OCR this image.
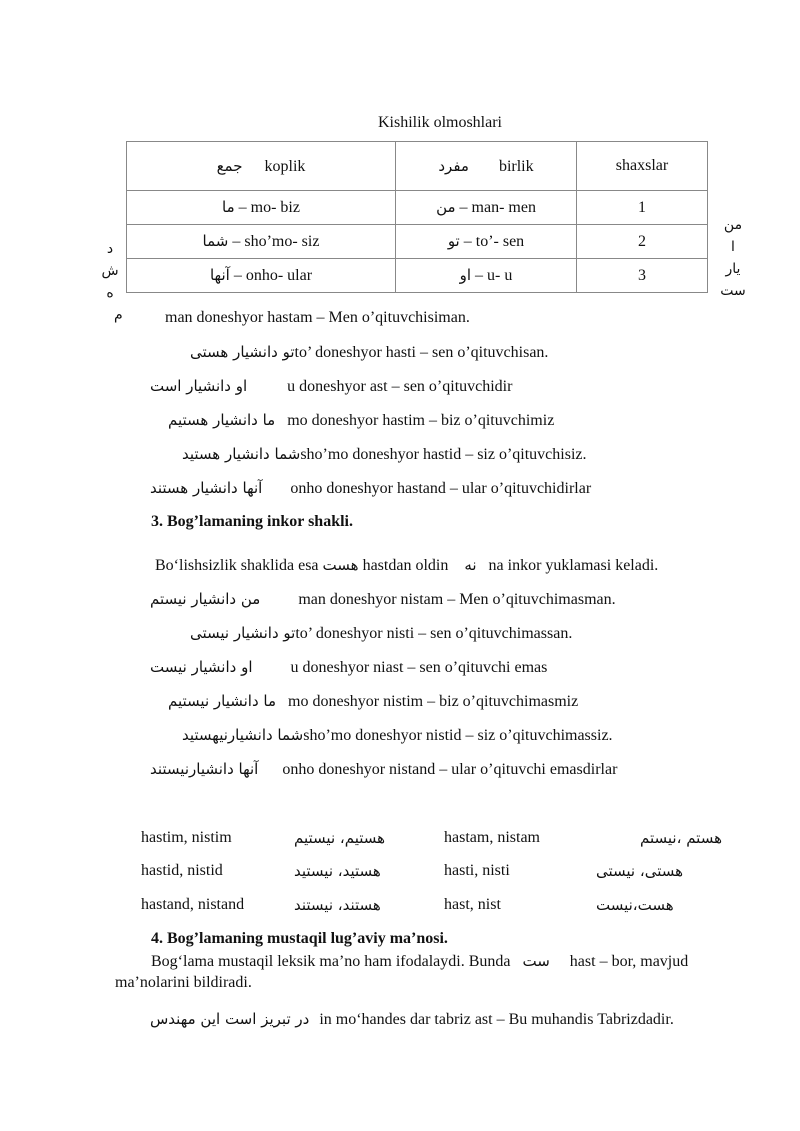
Kishilik olmoshlari
جمع koplik	مفرد birlik	shaxslar
ما – mo- biz	من – man- men	1
شما – sho’mo- siz	تو – to’- sen	2
آنها – onho- ular	او – u- u	3
د
ش
ه
م
من
ا
يار
ست
man doneshyor hastam – Men o’qituvchisiman.
تو دانشيار هستیto’ doneshyor hasti – sen o’qituvchisan.
او دانشيار است	u doneshyor ast – sen o’qituvchidir
ما دانشيار هستيم mo doneshyor hastim – biz o’qituvchimiz
شما دانشيار هستيدsho’mo doneshyor hastid – siz o’qituvchisiz.
آنها دانشيار هستند onho doneshyor hastand – ular o’qituvchidirlar
3. Bog’lamaning inkor shakli.
Bo‘lishsizlik shaklida esa هست hastdan oldin نه na inkor yuklamasi keladi.
من دانشيار نيستم man doneshyor nistam – Men o’qituvchimasman.
تو دانشيار نيستیto’ doneshyor nisti – sen o’qituvchimassan.
او دانشيار نيست u doneshyor niast – sen o’qituvchi emas
ما دانشيار نيستيم mo doneshyor nistim – biz o’qituvchimasmiz
شما دانشيارنيهستيدsho’mo doneshyor nistid – siz o’qituvchimassiz.
آنها دانشيارنيستند onho doneshyor nistand – ular o’qituvchi emasdirlar
hastim, nistim	هستيم، نيستيم	hastam, nistam	هستم ،نيستم
hastid, nistid	هستيد، نيستيد	hasti, nisti	هستی، نيستی
hastand, nistand	هستند، نيستند	hast, nist	هست،نيست
4. Bog’lamaning mustaqil lug’aviy ma’nosi.
Bog‘lama mustaqil leksik ma’no ham ifodalaydi. Bunda ست hast – bor, mavjud
ma’nolarini bildiradi.
در تبريز است اين مهندس in mo‘handes dar tabriz ast – Bu muhandis Tabrizdadir.
